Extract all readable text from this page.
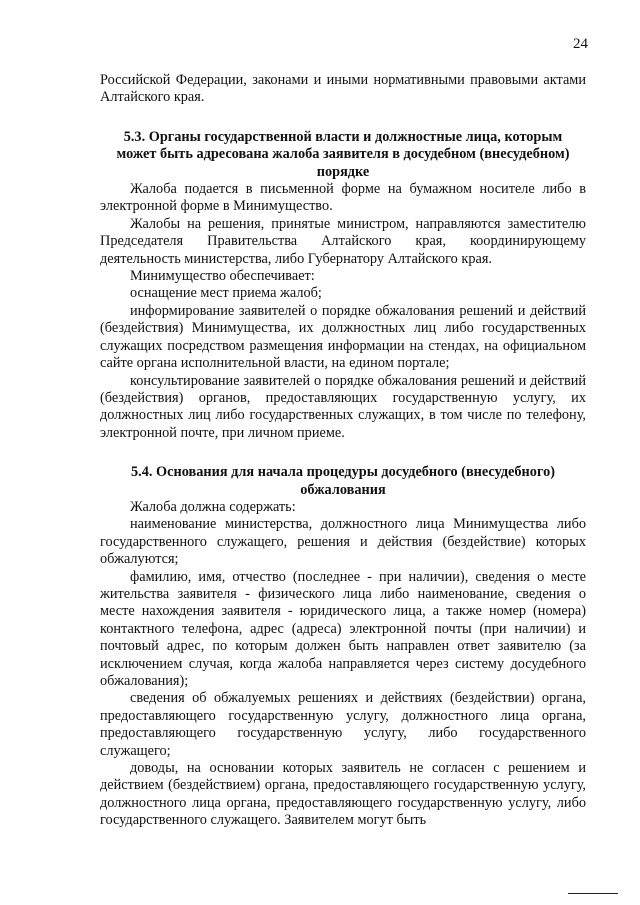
24

Российской Федерации, законами и иными нормативными правовыми актами Алтайского края.

5.3. Органы государственной власти и должностные лица, которым может быть адресована жалоба заявителя в досудебном (внесудебном) порядке

Жалоба подается в письменной форме на бумажном носителе либо в электронной форме в Минимущество.

Жалобы на решения, принятые министром, направляются заместителю Председателя Правительства Алтайского края, координирующему деятельность министерства, либо Губернатору Алтайского края.

Минимущество обеспечивает:

оснащение мест приема жалоб;

информирование заявителей о порядке обжалования решений и действий (бездействия) Минимущества, их должностных лиц либо государственных служащих посредством размещения информации на стендах, на официальном сайте органа исполнительной власти, на едином портале;

консультирование заявителей о порядке обжалования решений и действий (бездействия) органов, предоставляющих государственную услугу, их должностных лиц либо государственных служащих, в том числе по телефону, электронной почте, при личном приеме.

5.4. Основания для начала процедуры досудебного (внесудебного) обжалования

Жалоба должна содержать:

наименование министерства, должностного лица Минимущества либо государственного служащего, решения и действия (бездействие) которых обжалуются;

фамилию, имя, отчество (последнее - при наличии), сведения о месте жительства заявителя - физического лица либо наименование, сведения о месте нахождения заявителя - юридического лица, а также номер (номера) контактного телефона, адрес (адреса) электронной почты (при наличии) и почтовый адрес, по которым должен быть направлен ответ заявителю (за исключением случая, когда жалоба направляется через систему досудебного обжалования);

сведения об обжалуемых решениях и действиях (бездействии) органа, предоставляющего государственную услугу, должностного лица органа, предоставляющего государственную услугу, либо государственного служащего;

доводы, на основании которых заявитель не согласен с решением и действием (бездействием) органа, предоставляющего государственную услугу, должностного лица органа, предоставляющего государственную услугу, либо государственного служащего. Заявителем могут быть
